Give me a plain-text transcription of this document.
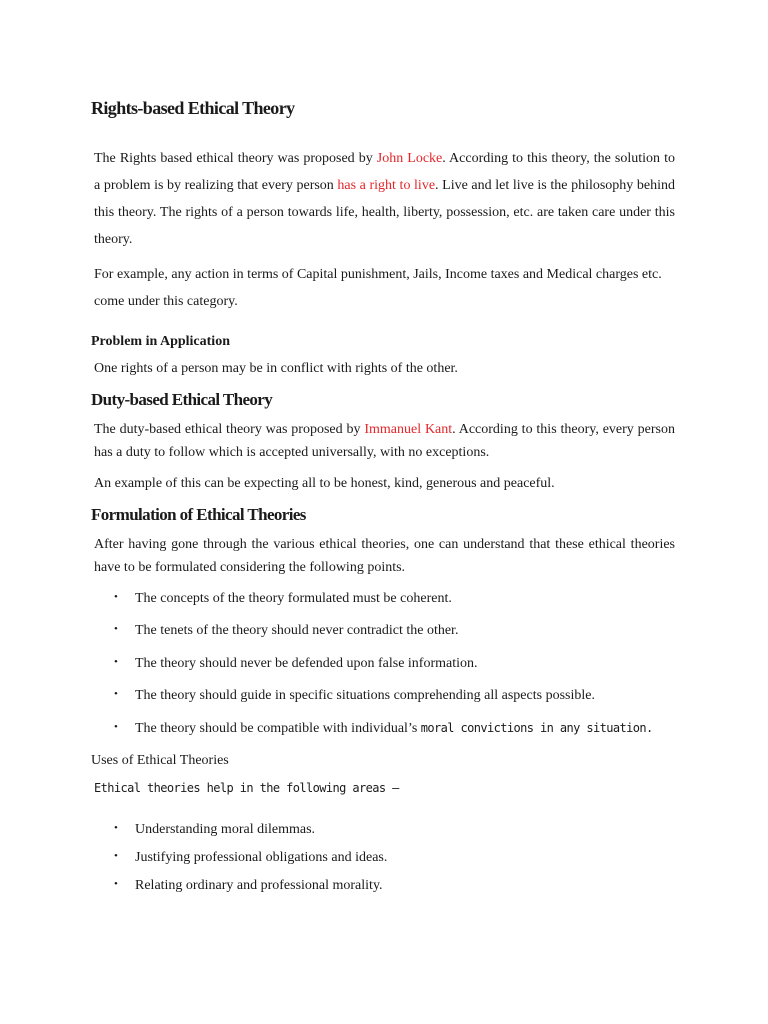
Rights-based Ethical Theory

The Rights based ethical theory was proposed by John Locke. According to this theory, the solution to a problem is by realizing that every person has a right to live. Live and let live is the philosophy behind this theory. The rights of a person towards life, health, liberty, possession, etc. are taken care under this theory.

For example, any action in terms of Capital punishment, Jails, Income taxes and Medical charges etc. come under this category.

Problem in Application

One rights of a person may be in conflict with rights of the other.

Duty-based Ethical Theory

The duty-based ethical theory was proposed by Immanuel Kant. According to this theory, every person has a duty to follow which is accepted universally, with no exceptions.

An example of this can be expecting all to be honest, kind, generous and peaceful.

Formulation of Ethical Theories

After having gone through the various ethical theories, one can understand that these ethical theories have to be formulated considering the following points.

• The concepts of the theory formulated must be coherent.
• The tenets of the theory should never contradict the other.
• The theory should never be defended upon false information.
• The theory should guide in specific situations comprehending all aspects possible.
• The theory should be compatible with individual’s moral convictions in any situation.

Uses of Ethical Theories

Ethical theories help in the following areas –

• Understanding moral dilemmas.
• Justifying professional obligations and ideas.
• Relating ordinary and professional morality.
